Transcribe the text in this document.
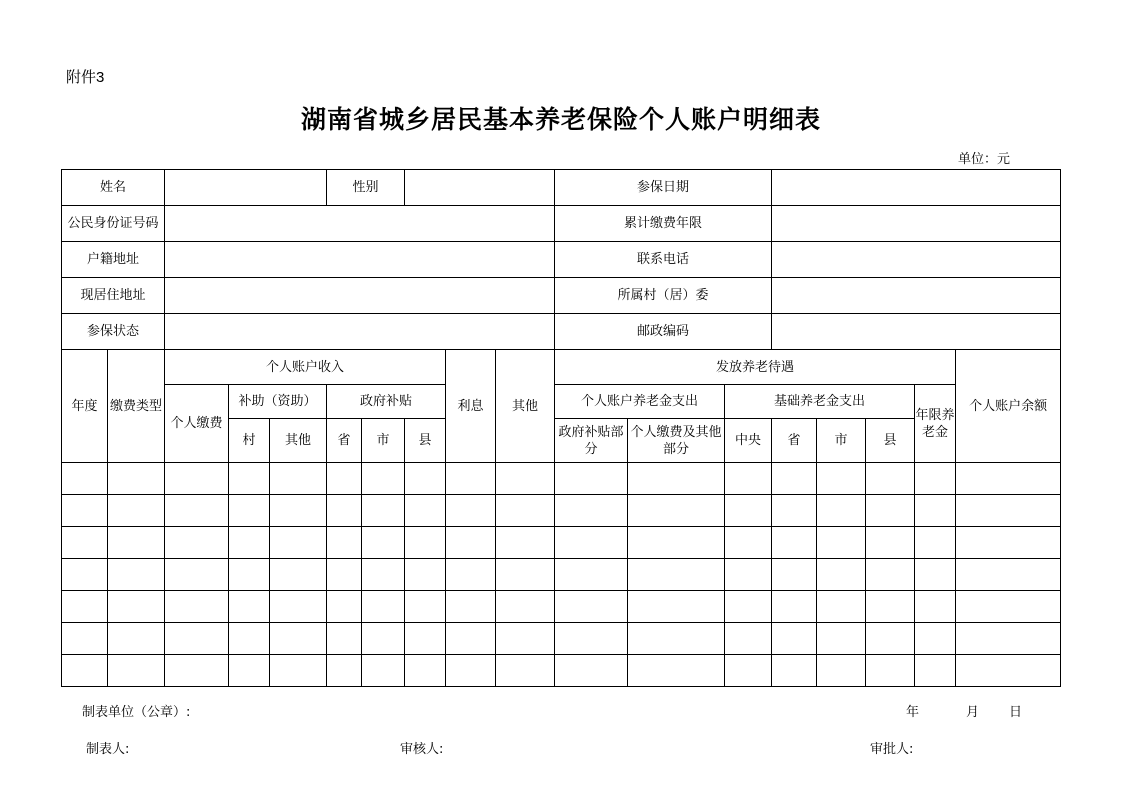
附件3
湖南省城乡居民基本养老保险个人账户明细表
单位：元
姓名					性别					参保日期							
公民身份证号码										累计缴费年限							
户籍地址										联系电话							
现居住地址										所属村（居）委							
参保状态										邮政编码							
年度	缴费类型	个人账户收入						利息	其他	发放养老待遇							个人账户余额
		个人缴费	补助（资助）		政府补贴					个人账户养老金支出		基础养老金支出				年限养老金	
			村	其他	省	市	县			政府补贴部分	个人缴费及其他部分	中央	省	市	县		

制表单位（公章）:	年	月 日
制表人:	审核人:	审批人:
